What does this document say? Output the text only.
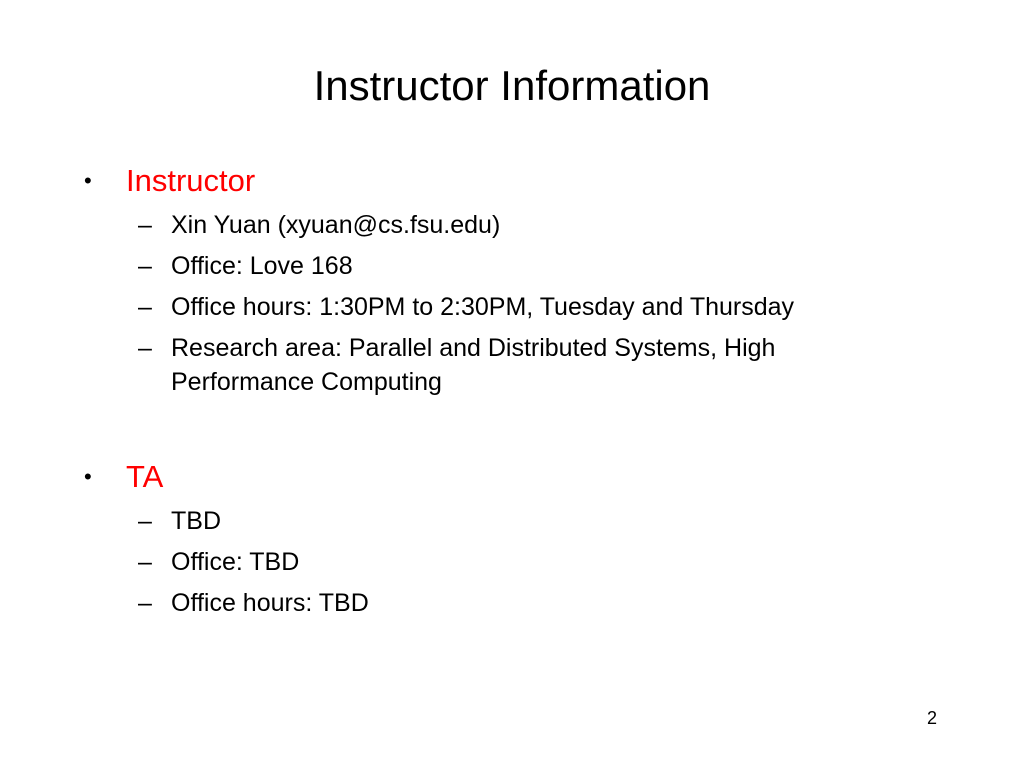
Instructor Information
• Instructor
– Xin Yuan (xyuan@cs.fsu.edu)
– Office: Love 168
– Office hours: 1:30PM to 2:30PM, Tuesday and Thursday
– Research area: Parallel and Distributed Systems, High Performance Computing
• TA
– TBD
– Office: TBD
– Office hours: TBD
2
